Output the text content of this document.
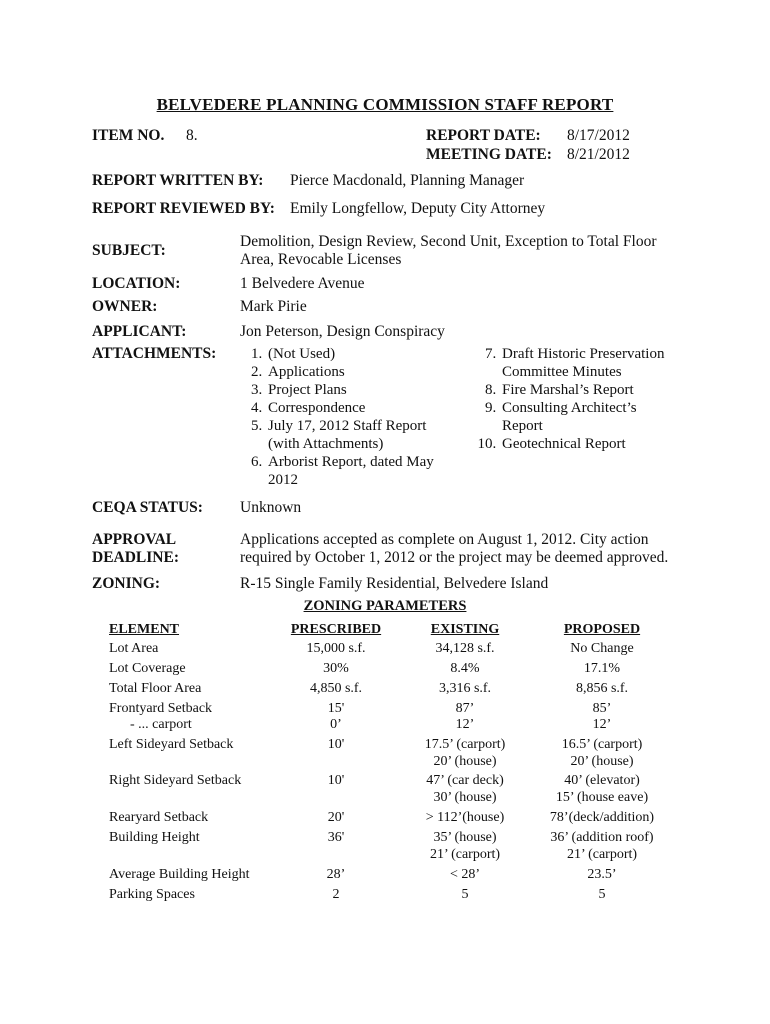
BELVEDERE PLANNING COMMISSION STAFF REPORT
ITEM NO. 8.	REPORT DATE: 8/17/2012
MEETING DATE: 8/21/2012
REPORT WRITTEN BY: Pierce Macdonald, Planning Manager
REPORT REVIEWED BY: Emily Longfellow, Deputy City Attorney
SUBJECT:
Demolition, Design Review, Second Unit, Exception to Total Floor Area, Revocable Licenses
LOCATION:	1 Belvedere Avenue
OWNER:	Mark Pirie
APPLICANT:	Jon Peterson, Design Conspiracy
ATTACHMENTS:
1.	(Not Used)
2. Applications
3. Project Plans
4. Correspondence
5. July 17, 2012 Staff Report (with Attachments)
6. Arborist Report, dated May 2012
7. Draft Historic Preservation Committee Minutes
8. Fire Marshal’s Report
9. Consulting Architect’s Report
10. Geotechnical Report
CEQA STATUS: Unknown
APPROVAL
DEADLINE:
Applications accepted as complete on August 1, 2012. City action required by October 1, 2012 or the project may be deemed approved.
ZONING:	R-15 Single Family Residential, Belvedere Island
ZONING PARAMETERS
ELEMENT	PRESCRIBED	EXISTING	PROPOSED
Lot Area	15,000 s.f.	34,128 s.f.	No Change
Lot Coverage	30%	8.4%	17.1%
Total Floor Area	4,850 s.f.	3,316 s.f.	8,856 s.f.
Frontyard Setback	15'	87’	85’
- ... carport	0’	12’	12’
Left Sideyard Setback	10'	17.5’ (carport)
20’ (house)
16.5’ (carport)
20’ (house)
Right Sideyard Setback	10'	47’ (car deck)
30’ (house)
40’ (elevator)
15’ (house eave)
Rearyard Setback	20'	> 112’(house)	78’(deck/addition)
Building Height	36'	35’ (house)
21’ (carport)
36’ (addition roof)
21’ (carport)
Average Building Height	28’	< 28’	23.5’
Parking Spaces	2	5	5
